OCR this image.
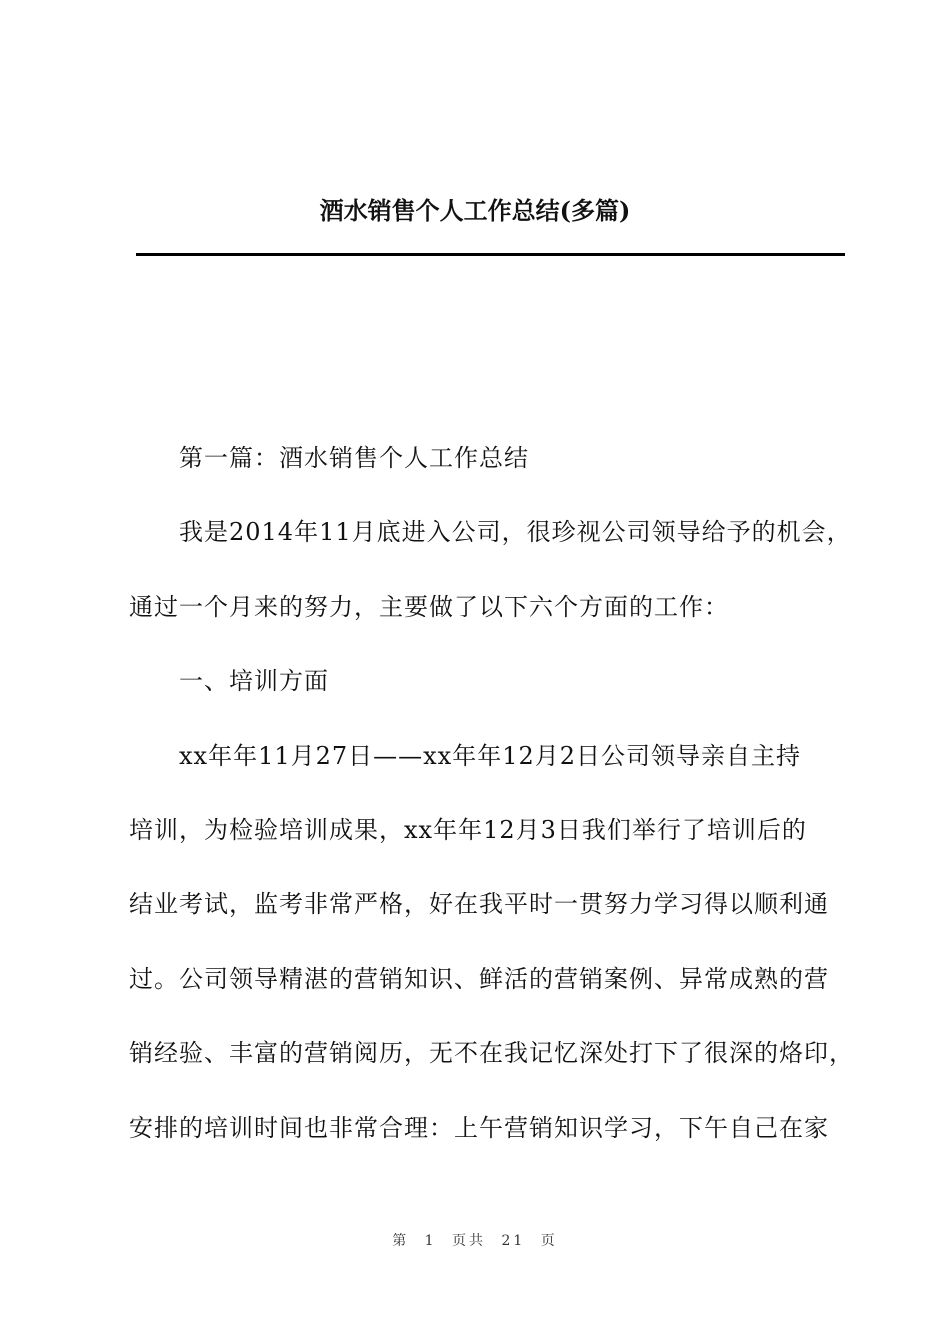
酒水销售个人工作总结(多篇)

第一篇：酒水销售个人工作总结

我是2014年11月底进入公司，很珍视公司领导给予的机会，

通过一个月来的努力，主要做了以下六个方面的工作：

一、培训方面

xx年年11月27日——xx年年12月2日公司领导亲自主持

培训，为检验培训成果，xx年年12月3日我们举行了培训后的

结业考试，监考非常严格，好在我平时一贯努力学习得以顺利通

过。公司领导精湛的营销知识、鲜活的营销案例、异常成熟的营

销经验、丰富的营销阅历，无不在我记忆深处打下了很深的烙印，

安排的培训时间也非常合理：上午营销知识学习，下午自己在家

第 1 页共 21 页
